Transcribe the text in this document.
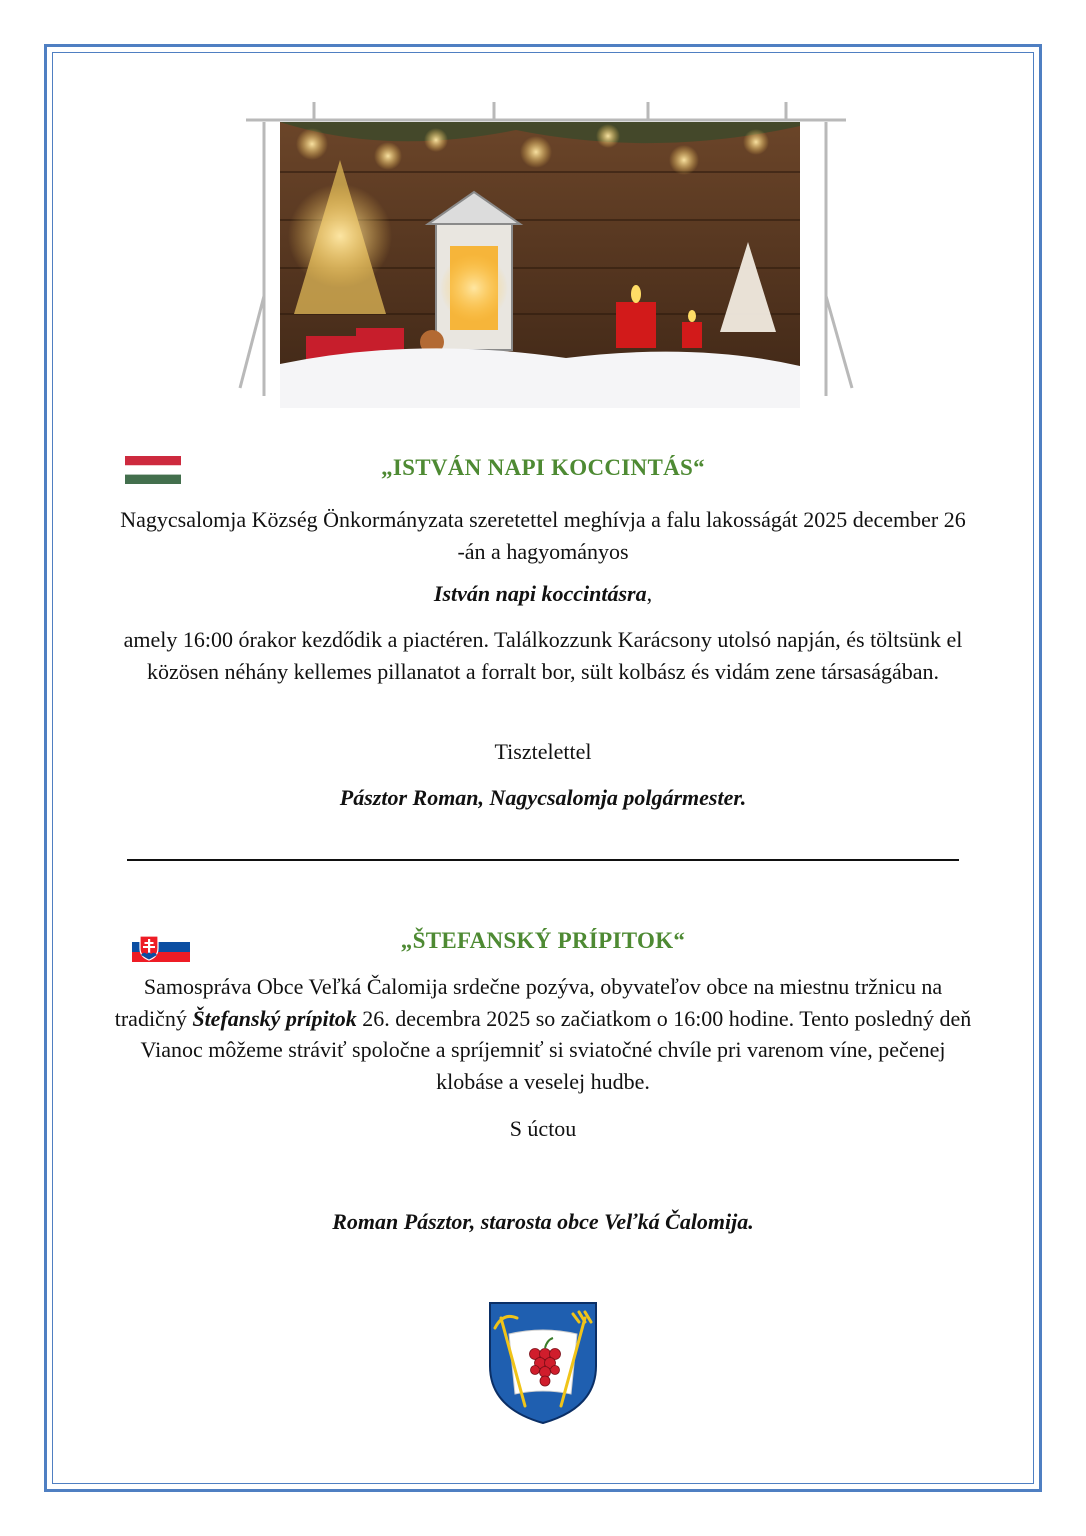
„ISTVÁN NAPI KOCCINTÁS“
Nagycsalomja Község Önkormányzata szeretettel meghívja a falu lakosságát 2025 december 26 -án a hagyományos
István napi koccintásra,
amely 16:00 órakor kezdődik a piactéren. Találkozzunk Karácsony utolsó napján, és töltsünk el közösen néhány kellemes pillanatot a forralt bor, sült kolbász és vidám zene társaságában.
Tisztelettel
Pásztor Roman, Nagycsalomja polgármester.
„ŠTEFANSKÝ PRÍPITOK“
Samospráva Obce Veľká Čalomija srdečne pozýva, obyvateľov obce na miestnu tržnicu na tradičný Štefanský prípitok 26. decembra 2025 so začiatkom o 16:00 hodine. Tento posledný deň Vianoc môžeme stráviť spoločne a spríjemniť si sviatočné chvíle pri varenom víne, pečenej klobáse a veselej hudbe.
S úctou
Roman Pásztor, starosta obce Veľká Čalomija.
